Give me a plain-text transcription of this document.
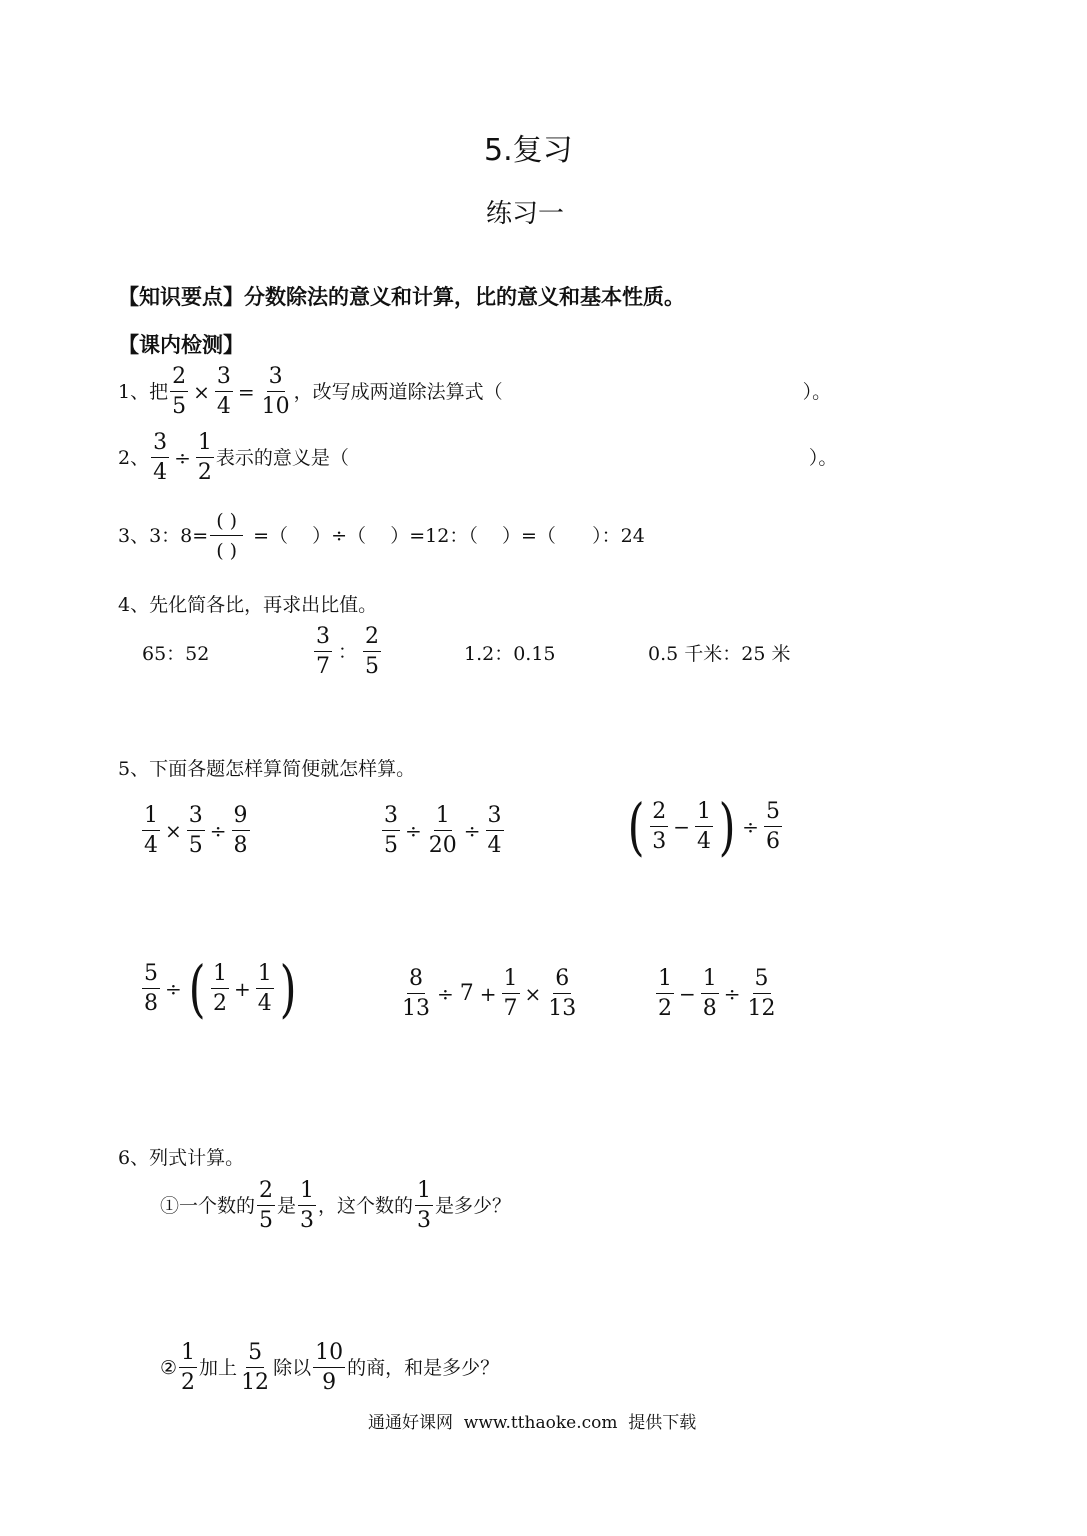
5.复习
练习一
【知识要点】分数除法的意义和计算，比的意义和基本性质。
【课内检测】
1、把 $\frac{2}{5} \times \frac{3}{4} = \frac{3}{10}$ ，改写成两道除法算式（	）。
2、 $\frac{3}{4} \div \frac{1}{2}$ 表示的意义是（	）。
3、3：$8= \frac{( )}{( )}$ =（    ）÷（    ）=12：（    ）=（      ）：24
4、先化简各比，再求出比值。
65：52	$\frac{3}{7}$ ： $\frac{2}{5}$	1.2：0.15	0.5 千米：25 米
5、下面各题怎样算简便就怎样算。
$\frac{1}{4} \times \frac{3}{5} \div \frac{9}{8}$	$\frac{3}{5} \div \frac{1}{20} \div \frac{3}{4}$ ( $\frac{2}{3} - \frac{1}{4}$ ) ÷ $\frac{5}{6}$
$\frac{5}{8}$ ÷ ( $\frac{1}{2} + \frac{1}{4}$ )	$\frac{8}{13} \div 7 + \frac{1}{7} \times \frac{6}{13}$	$\frac{1}{2} - \frac{1}{8} \div \frac{5}{12}$
6、列式计算。
①一个数的 $\frac{2}{5}$ 是 $\frac{1}{3}$ ，这个数的 $\frac{1}{3}$ 是多少？
② $\frac{1}{2}$ 加上 $\frac{5}{12}$ 除以 $\frac{10}{9}$ 的商，和是多少？
通通好课网  www.tthaoke.com  提供下载
